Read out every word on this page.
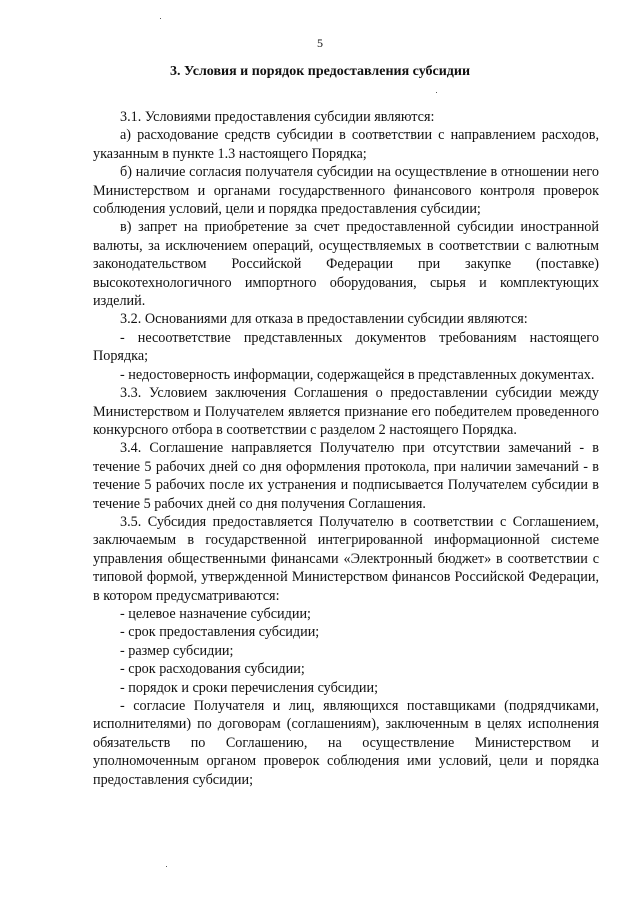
5
3. Условия и порядок предоставления субсидии

3.1. Условиями предоставления субсидии являются:

а) расходование средств субсидии в соответствии с направлением расходов, указанным в пункте 1.3 настоящего Порядка;

б) наличие согласия получателя субсидии на осуществление в отношении него Министерством и органами государственного финансового контроля проверок соблюдения условий, цели и порядка предоставления субсидии;

в) запрет на приобретение за счет предоставленной субсидии иностранной валюты, за исключением операций, осуществляемых в соответствии с валютным законодательством Российской Федерации при закупке (поставке) высокотехнологичного импортного оборудования, сырья и комплектующих изделий.

3.2. Основаниями для отказа в предоставлении субсидии являются:

- несоответствие представленных документов требованиям настоящего Порядка;

- недостоверность информации, содержащейся в представленных документах.

3.3. Условием заключения Соглашения о предоставлении субсидии между Министерством и Получателем является признание его победителем проведенного конкурсного отбора в соответствии с разделом 2 настоящего Порядка.

3.4. Соглашение направляется Получателю при отсутствии замечаний - в течение 5 рабочих дней со дня оформления протокола, при наличии замечаний - в течение 5 рабочих после их устранения и подписывается Получателем субсидии в течение 5 рабочих дней со дня получения Соглашения.

3.5. Субсидия предоставляется Получателю в соответствии с Соглашением, заключаемым в государственной интегрированной информационной системе управления общественными финансами «Электронный бюджет» в соответствии с типовой формой, утвержденной Министерством финансов Российской Федерации, в котором предусматриваются:

- целевое назначение субсидии;

- срок предоставления субсидии;

- размер субсидии;

- срок расходования субсидии;

- порядок и сроки перечисления субсидии;

- согласие Получателя и лиц, являющихся поставщиками (подрядчиками, исполнителями) по договорам (соглашениям), заключенным в целях исполнения обязательств по Соглашению, на осуществление Министерством и уполномоченным органом проверок соблюдения ими условий, цели и порядка предоставления субсидии;
